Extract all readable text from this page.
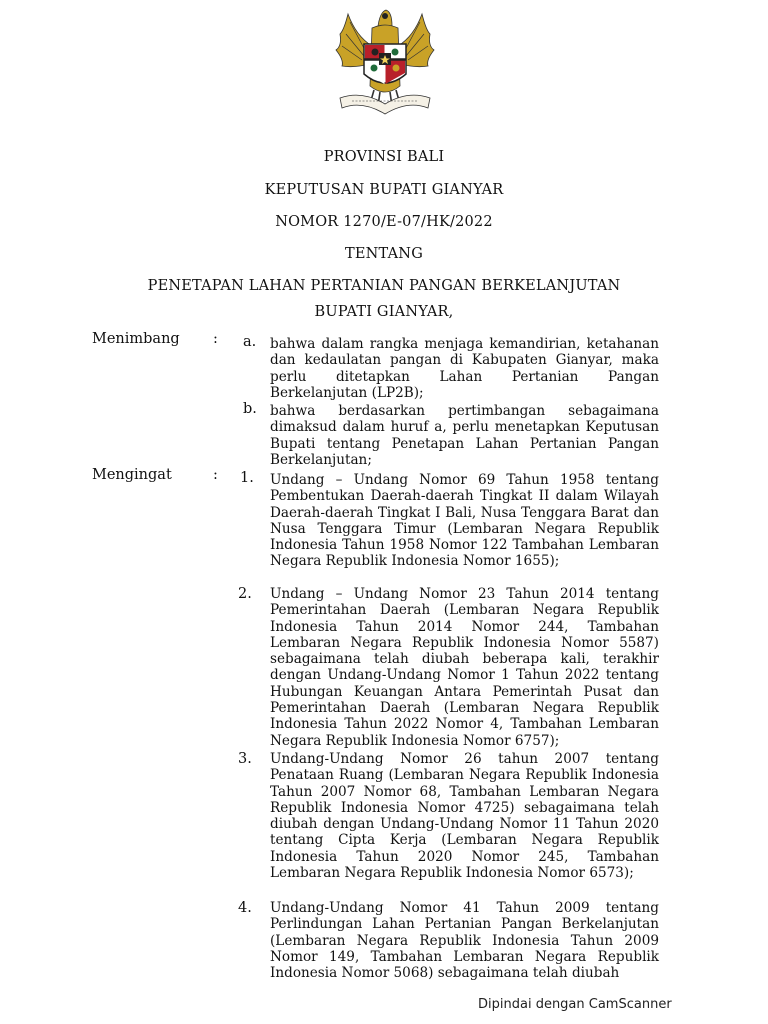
PROVINSI BALI
KEPUTUSAN BUPATI GIANYAR
NOMOR 1270/E-07/HK/2022
TENTANG
PENETAPAN LAHAN PERTANIAN PANGAN BERKELANJUTAN
BUPATI GIANYAR,
Menimbang : a. bahwa dalam rangka menjaga kemandirian, ketahanan dan kedaulatan pangan di Kabupaten Gianyar, maka perlu ditetapkan Lahan Pertanian Pangan Berkelanjutan (LP2B);
b. bahwa berdasarkan pertimbangan sebagaimana dimaksud dalam huruf a, perlu menetapkan Keputusan Bupati tentang Penetapan Lahan Pertanian Pangan Berkelanjutan;
Mengingat	: 1. Undang – Undang Nomor 69 Tahun 1958 tentang Pembentukan Daerah-daerah Tingkat II dalam Wilayah Daerah-daerah Tingkat I Bali, Nusa Tenggara Barat dan Nusa Tenggara Timur (Lembaran Negara Republik Indonesia Tahun 1958 Nomor 122 Tambahan Lembaran Negara Republik Indonesia Nomor 1655);
2. Undang – Undang Nomor 23 Tahun 2014 tentang Pemerintahan Daerah (Lembaran Negara Republik Indonesia Tahun 2014 Nomor 244, Tambahan Lembaran Negara Republik Indonesia Nomor 5587) sebagaimana telah diubah beberapa kali, terakhir dengan Undang-Undang Nomor 1 Tahun 2022 tentang Hubungan Keuangan Antara Pemerintah Pusat dan Pemerintahan Daerah (Lembaran Negara Republik Indonesia Tahun 2022 Nomor 4, Tambahan Lembaran Negara Republik Indonesia Nomor 6757);
3. Undang-Undang Nomor 26 tahun 2007 tentang Penataan Ruang (Lembaran Negara Republik Indonesia Tahun 2007 Nomor 68, Tambahan Lembaran Negara Republik Indonesia Nomor 4725) sebagaimana telah diubah dengan Undang-Undang Nomor 11 Tahun 2020 tentang Cipta Kerja (Lembaran Negara Republik Indonesia Tahun 2020 Nomor 245, Tambahan Lembaran Negara Republik Indonesia Nomor 6573);
4. Undang-Undang Nomor 41 Tahun 2009 tentang Perlindungan Lahan Pertanian Pangan Berkelanjutan (Lembaran Negara Republik Indonesia Tahun 2009 Nomor 149, Tambahan Lembaran Negara Republik Indonesia Nomor 5068) sebagaimana telah diubah
Dipindai dengan CamScanner
